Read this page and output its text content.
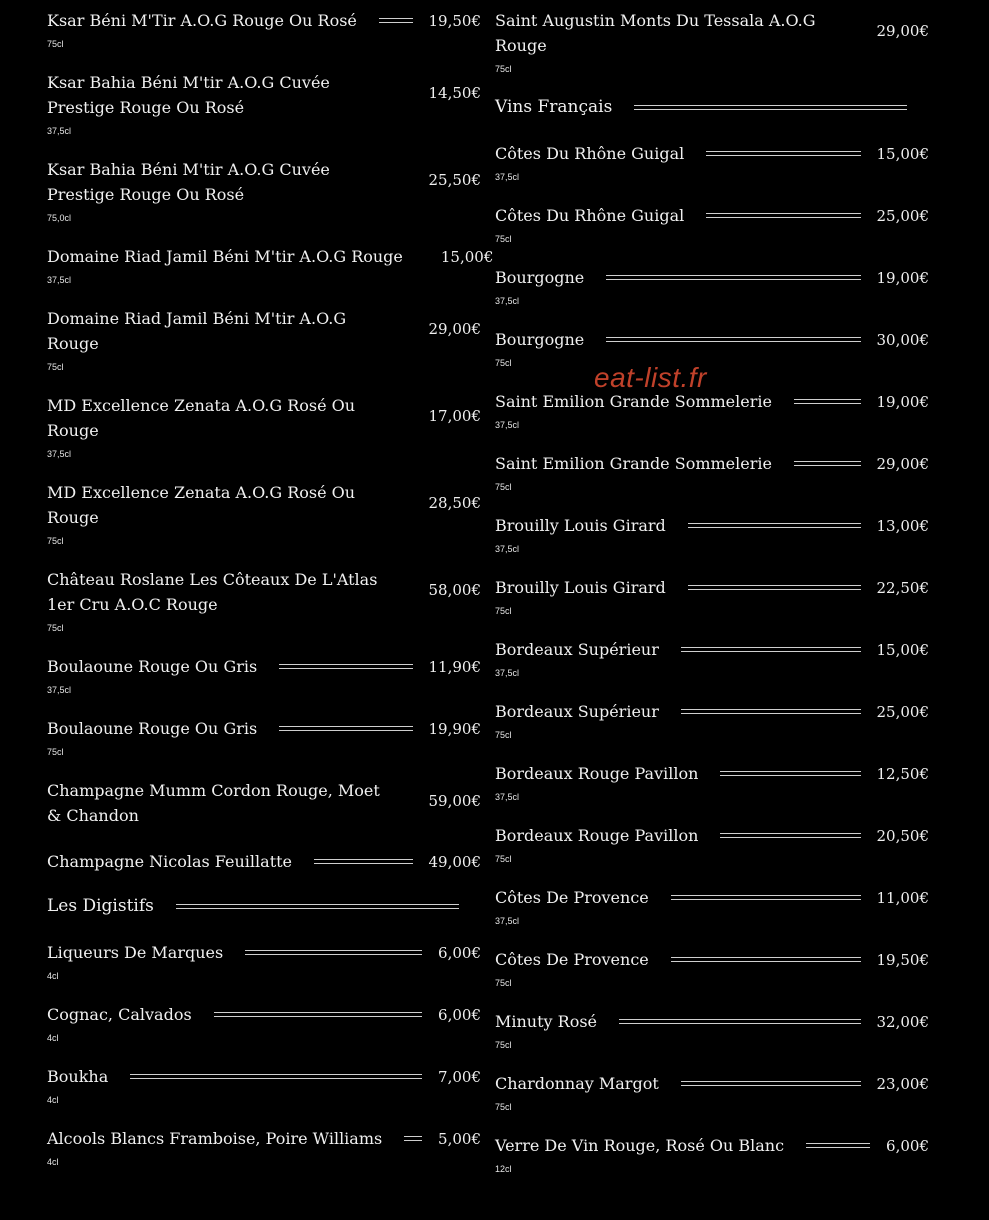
Ksar Béni M'Tir A.O.G Rouge Ou Rosé	19,50€
75cl
Ksar Bahia Béni M'tir A.O.G Cuvée Prestige Rouge Ou Rosé
14,50€
37,5cl
Ksar Bahia Béni M'tir A.O.G Cuvée Prestige Rouge Ou Rosé
25,50€
75,0cl
Domaine Riad Jamil Béni M'tir A.O.G Rouge	15,00€
37,5cl
Domaine Riad Jamil Béni M'tir A.O.G Rouge
29,00€
75cl
MD Excellence Zenata A.O.G Rosé Ou Rouge
17,00€
37,5cl
MD Excellence Zenata A.O.G Rosé Ou Rouge
28,50€
75cl
Château Roslane Les Côteaux De L'Atlas 1er Cru A.O.C Rouge
58,00€
75cl
Boulaoune Rouge Ou Gris	11,90€
37,5cl
Boulaoune Rouge Ou Gris	19,90€
75cl
Champagne Mumm Cordon Rouge, Moet & Chandon
59,00€
Champagne Nicolas Feuillatte	49,00€
Les Digistifs
Liqueurs De Marques	6,00€
4cl
Cognac, Calvados	6,00€
4cl
Boukha	7,00€
4cl
Alcools Blancs Framboise, Poire Williams	5,00€
4cl
Saint Augustin Monts Du Tessala A.O.G Rouge
29,00€
75cl
Vins Français
Côtes Du Rhône Guigal	15,00€
37,5cl
Côtes Du Rhône Guigal	25,00€
75cl
Bourgogne	19,00€
37,5cl
Bourgogne	30,00€
75cl
Saint Emilion Grande Sommelerie	19,00€
37,5cl
Saint Emilion Grande Sommelerie	29,00€
75cl
Brouilly Louis Girard	13,00€
37,5cl
Brouilly Louis Girard	22,50€
75cl
Bordeaux Supérieur	15,00€
37,5cl
Bordeaux Supérieur	25,00€
75cl
Bordeaux Rouge Pavillon	12,50€
37,5cl
Bordeaux Rouge Pavillon	20,50€
75cl
Côtes De Provence	11,00€
37,5cl
Côtes De Provence	19,50€
75cl
Minuty Rosé	32,00€
75cl
Chardonnay Margot	23,00€
75cl
Verre De Vin Rouge, Rosé Ou Blanc	6,00€
12cl
eat-list.fr
